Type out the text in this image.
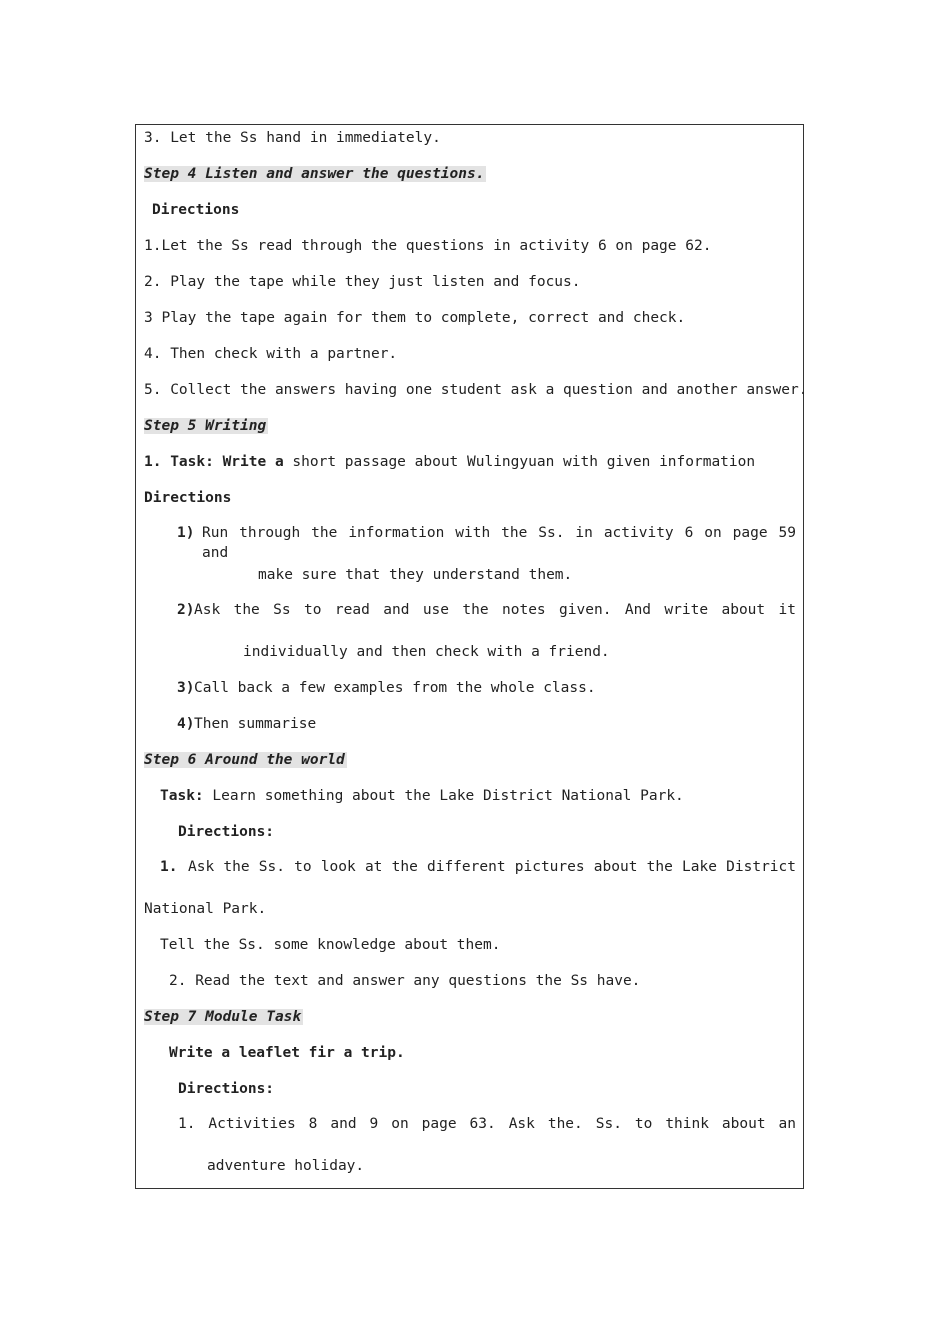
3. Let the Ss hand in immediately.
Step 4 Listen and answer the questions.
Directions
1.Let the Ss read through the questions in activity 6 on page 62.
2. Play the tape while they just listen and focus.
3 Play the tape again for them to complete, correct and check.
4. Then check with a partner.
5. Collect the answers having one student ask a question and another answer.
Step 5 Writing
1. Task: Write a short passage about Wulingyuan with given information
Directions
1) Run through the information with the Ss. in activity 6 on page 59 and
make sure that they understand them.
2) Ask the Ss to read and use the notes given. And write about it
individually and then check with a friend.
3) Call back a few examples from the whole class.
4) Then summarise
Step 6 Around the world
Task: Learn something about the Lake District National Park.
Directions:
1. Ask the Ss. to look at the different pictures about the Lake District
National Park.
Tell the Ss. some knowledge about them.
2. Read the text and answer any questions the Ss have.
Step 7 Module Task
Write a leaflet fir a trip.
Directions:
1. Activities 8 and 9 on page 63. Ask the. Ss. to think about an
adventure holiday.
